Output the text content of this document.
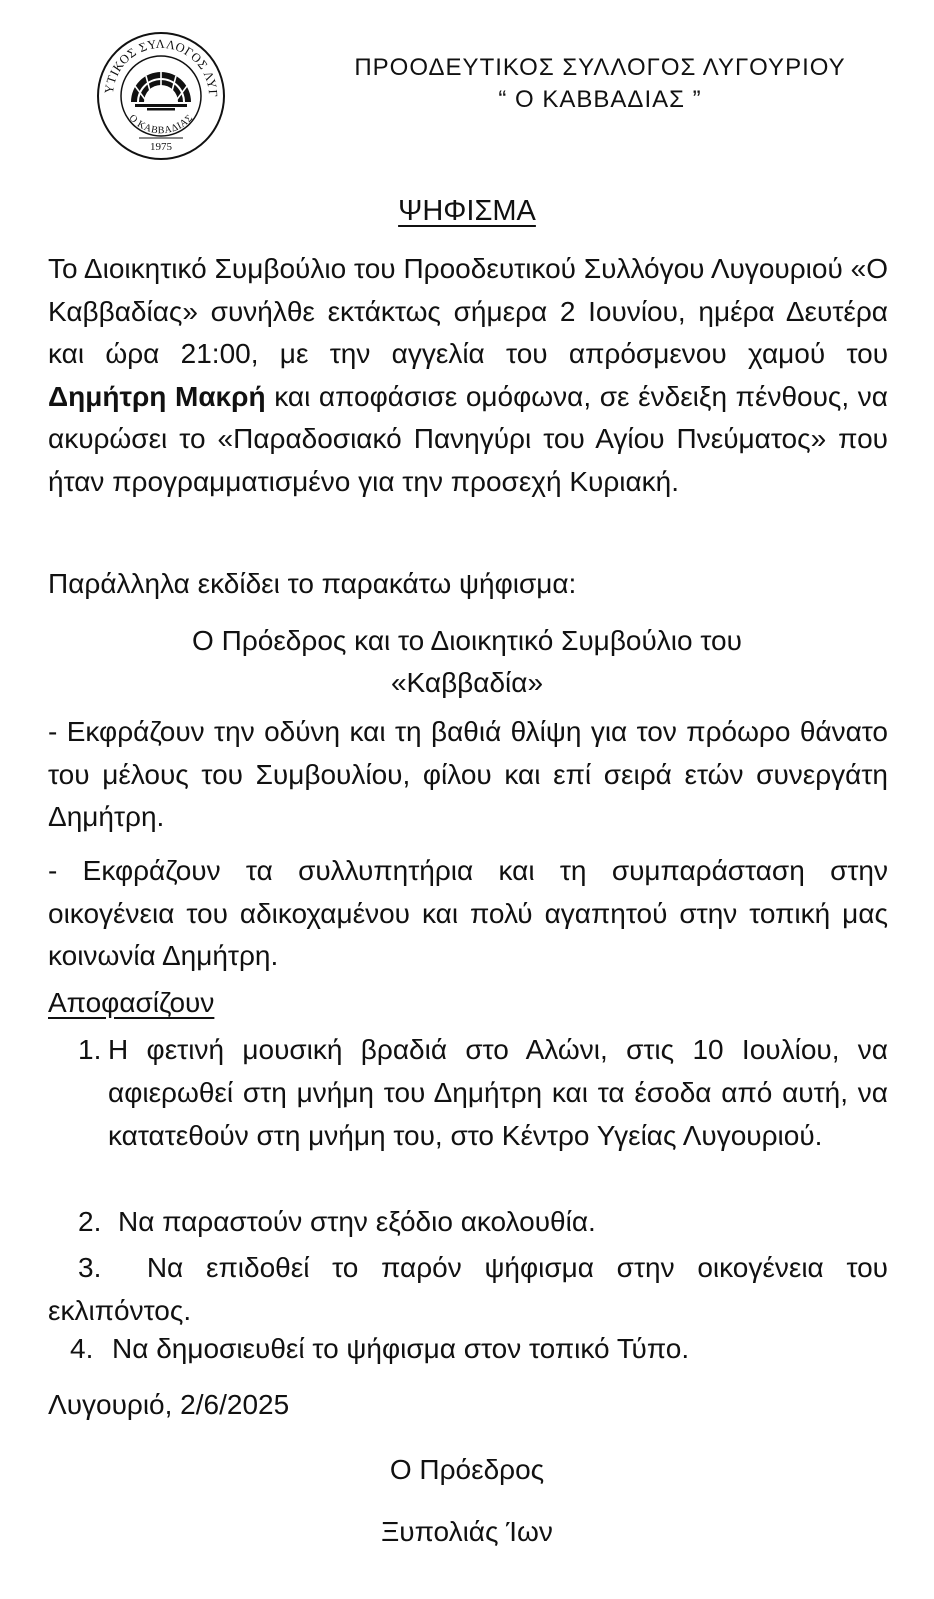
ΥΤΙΚΟΣ ΣΥΛΛΟΓΟΣ ΛΥΓ
Ο ΚΑΒΒΑΔΙΑΣ
1975
ΠΡΟΟΔΕΥΤΙΚΟΣ ΣΥΛΛΟΓΟΣ ΛΥΓΟΥΡΙΟΥ
“ Ο ΚΑΒΒΑΔΙΑΣ ”
ΨΗΦΙΣΜΑ
Το Διοικητικό Συμβούλιο του Προοδευτικού Συλλόγου Λυγουριού «Ο Καββαδίας» συνήλθε εκτάκτως σήμερα 2 Ιουνίου, ημέρα Δευτέρα και ώρα 21:00, με την αγγελία του απρόσμενου χαμού του Δημήτρη Μακρή και αποφάσισε ομόφωνα, σε ένδειξη πένθους, να ακυρώσει το «Παραδοσιακό Πανηγύρι του Αγίου Πνεύματος» που ήταν προγραμματισμένο για την προσεχή Κυριακή.
Παράλληλα εκδίδει το παρακάτω ψήφισμα:
Ο Πρόεδρος και το Διοικητικό Συμβούλιο του
«Καββαδία»
- Εκφράζουν την οδύνη και τη βαθιά θλίψη για τον πρόωρο θάνατο του μέλους του Συμβουλίου, φίλου και επί σειρά ετών συνεργάτη Δημήτρη.
- Εκφράζουν τα συλλυπητήρια και τη συμπαράσταση στην οικογένεια του αδικοχαμένου και πολύ αγαπητού στην τοπική μας κοινωνία Δημήτρη.
Αποφασίζουν
1. Η φετινή μουσική βραδιά στο Αλώνι, στις 10 Ιουλίου, να αφιερωθεί στη μνήμη του Δημήτρη και τα έσοδα από αυτή, να κατατεθούν στη μνήμη του, στο Κέντρο Υγείας Λυγουριού.
2. Να παραστούν στην εξόδιο ακολουθία.
3. Να επιδοθεί το παρόν ψήφισμα στην οικογένεια του εκλιπόντος.
4. Να δημοσιευθεί το ψήφισμα στον τοπικό Τύπο.
Λυγουριό, 2/6/2025
Ο Πρόεδρος
Ξυπολιάς Ίων
